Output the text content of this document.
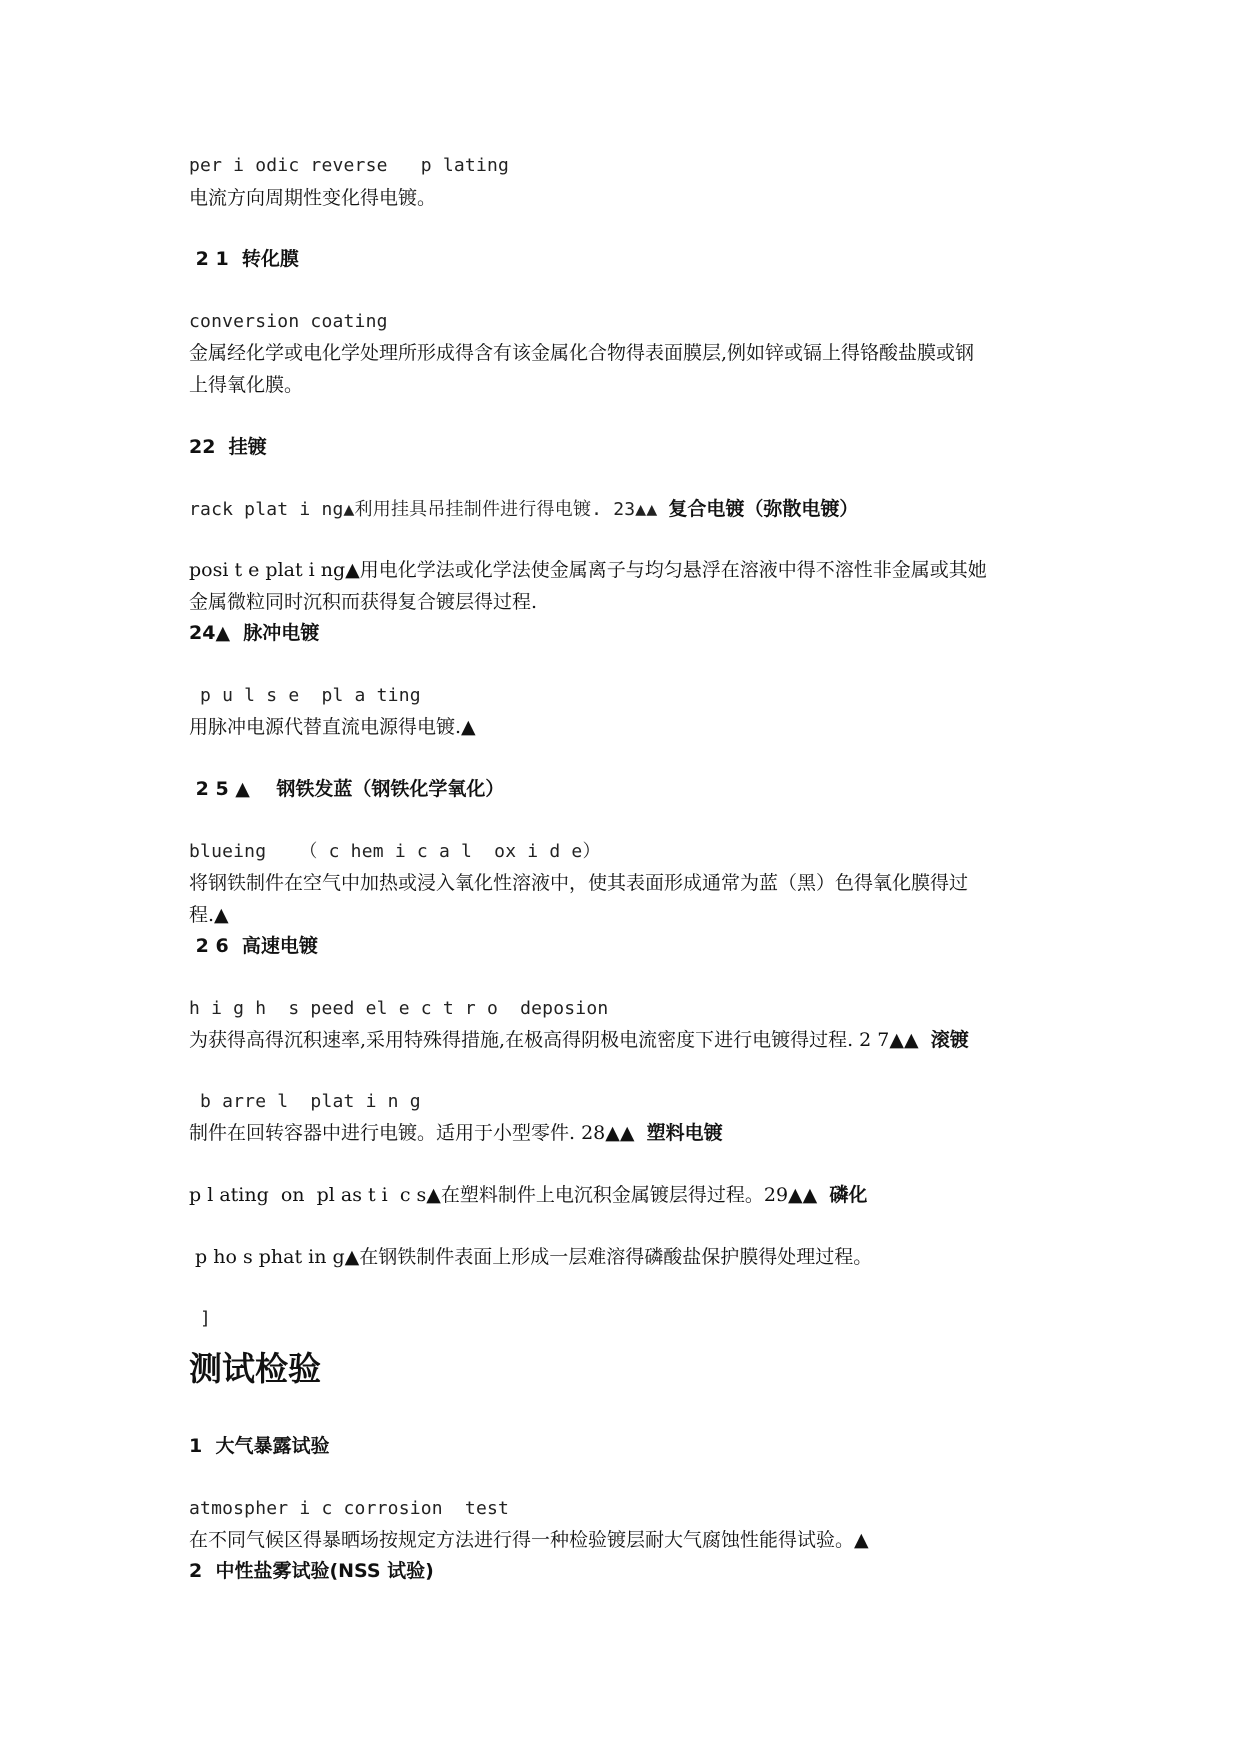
per i odic reverse   p lating

电流方向周期性变化得电镀。

2 1  转化膜

conversion coating

金属经化学或电化学处理所形成得含有该金属化合物得表面膜层,例如锌或镉上得铬酸盐膜或钢

上得氧化膜。

22  挂镀

rack plat i ng▲利用挂具吊挂制件进行得电镀. 23▲▲ 复合电镀（弥散电镀）

posi t e plat i ng▲用电化学法或化学法使金属离子与均匀悬浮在溶液中得不溶性非金属或其她

金属微粒同时沉积而获得复合镀层得过程.

24▲  脉冲电镀

p u l s e  pl a ting

用脉冲电源代替直流电源得电镀.▲

2 5 ▲    钢铁发蓝（钢铁化学氧化）

blueing   （ c hem i c a l  ox i d e）

将钢铁制件在空气中加热或浸入氧化性溶液中，使其表面形成通常为蓝（黑）色得氧化膜得过

程.▲

2 6  高速电镀

h i g h  s peed el e c t r o  deposion

为获得高得沉积速率,采用特殊得措施,在极高得阴极电流密度下进行电镀得过程. 2 7▲▲  滚镀

b arre l  plat i n g

制件在回转容器中进行电镀。适用于小型零件. 28▲▲  塑料电镀

p l ating  on  pl as t i  c s▲在塑料制件上电沉积金属镀层得过程。29▲▲  磷化

p ho s phat in g▲在钢铁制件表面上形成一层难溶得磷酸盐保护膜得处理过程。

]

测试检验

1  大气暴露试验

atmospher i c corrosion  test

在不同气候区得暴晒场按规定方法进行得一种检验镀层耐大气腐蚀性能得试验。▲

2  中性盐雾试验(NSS 试验)
